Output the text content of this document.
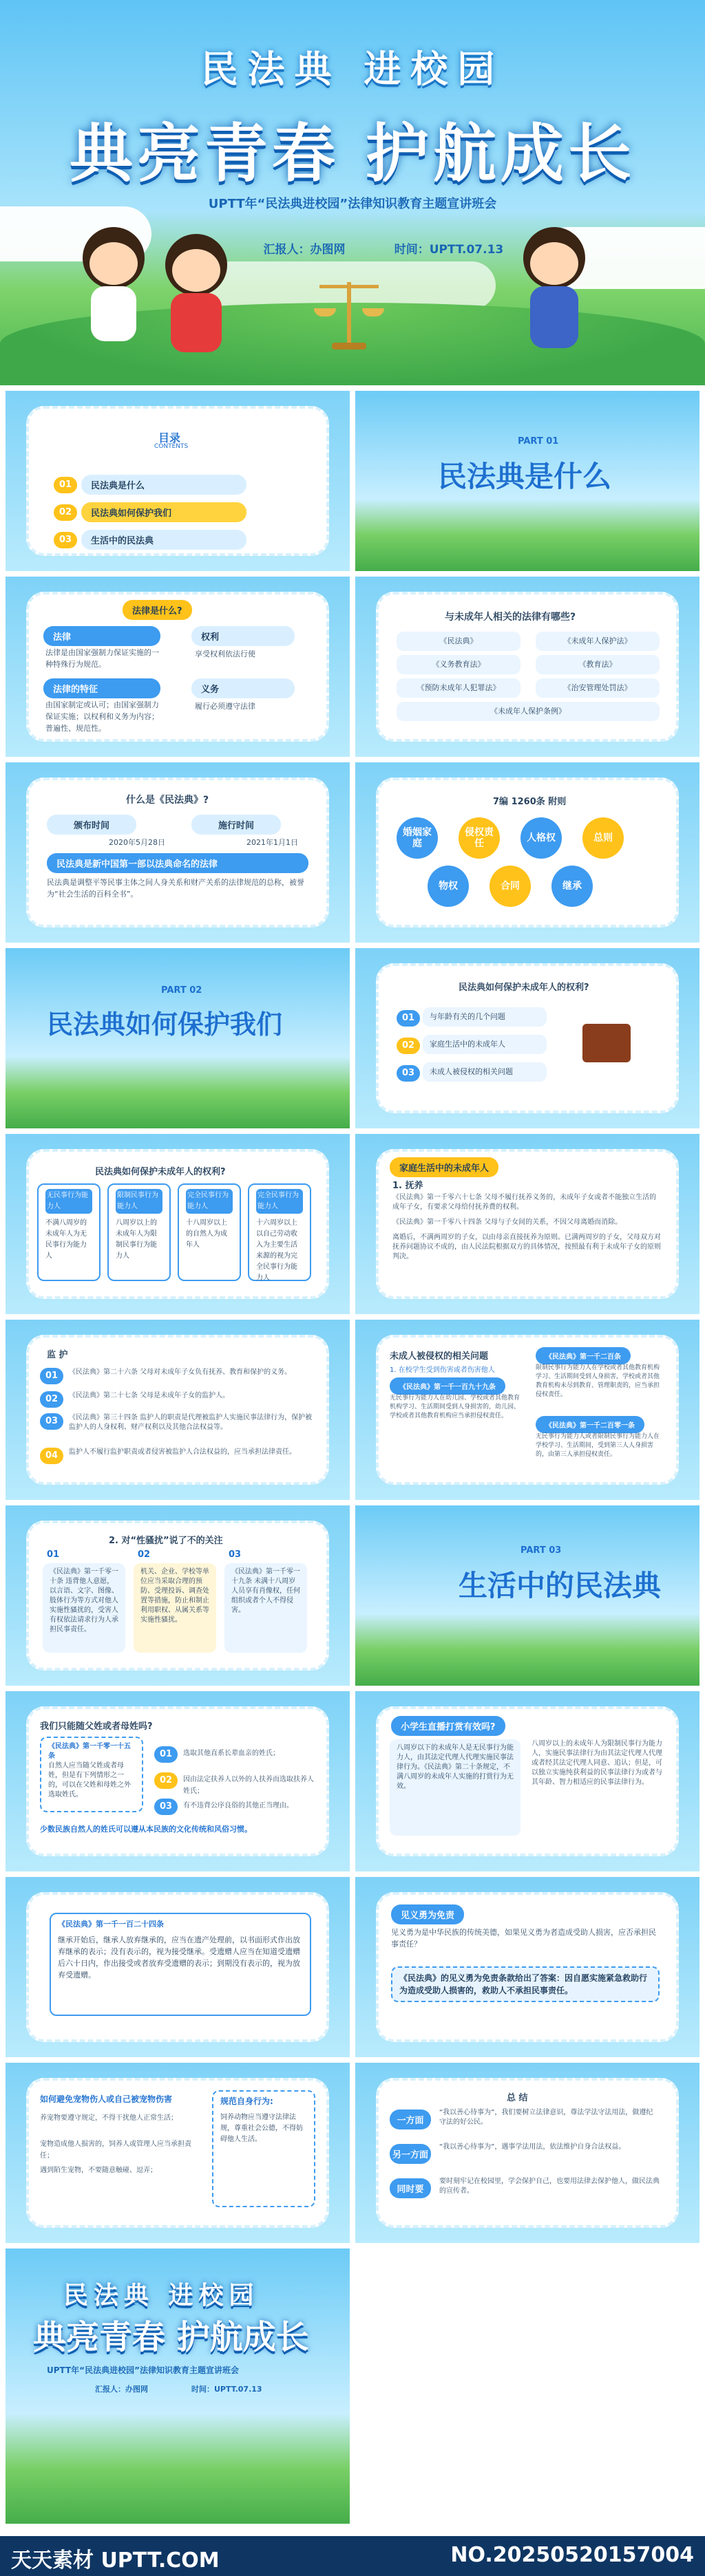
民法典 进校园
典亮青春 护航成长
UPTT年“民法典进校园”法律知识教育主题宣讲班会
汇报人：办图网	时间：UPTT.07.13
目录
CONTENTS
01	民法典是什么
02	民法典如何保护我们
03	生活中的民法典
PART 01
民法典是什么
法律是什么?
法律
法律是由国家强制力保证实施的一种特殊行为规范。
法律的特征
由国家制定或认可；由国家强制力保证实施；以权利和义务为内容；普遍性、规范性。
权利
享受权利依法行使
义务
履行必须遵守法律
与未成年人相关的法律有哪些?
《民法典》	《未成年人保护法》
《义务教育法》	《教育法》
《预防未成年人犯罪法》	《治安管理处罚法》
《未成年人保护条例》
什么是《民法典》?
颁布时间
2020年5月28日
施行时间
2021年1月1日
民法典是新中国第一部以法典命名的法律
民法典是调整平等民事主体之间人身关系和财产关系的法律规范的总称，被誉为“社会生活的百科全书”。
7编 1260条 附则
婚姻家庭
侵权责任	人格权	总则
物权	合同	继承
PART 02
民法典如何保护我们
民法典如何保护未成年人的权利?
01	与年龄有关的几个问题
02	家庭生活中的未成年人
03	未成人被侵权的相关问题
民法典如何保护未成年人的权利?
无民事行为能力人
不满八周岁的未成年人为无民事行为能力人
限制民事行为能力人
八周岁以上的未成年人为限制民事行为能力人
完全民事行为能力人
十八周岁以上的自然人为成年人
完全民事行为能力人
十六周岁以上以自己劳动收入为主要生活来源的视为完全民事行为能力人
家庭生活中的未成年人
1. 抚养
《民法典》第一千零六十七条 父母不履行抚养义务的，未成年子女或者不能独立生活的成年子女，有要求父母给付抚养费的权利。
《民法典》第一千零八十四条 父母与子女间的关系，不因父母离婚而消除。
离婚后，不满两周岁的子女，以由母亲直接抚养为原则。已满两周岁的子女，父母双方对抚养问题协议不成的，由人民法院根据双方的具体情况，按照最有利于未成年子女的原则判决。
监 护
01	《民法典》第二十六条 父母对未成年子女负有抚养、教育和保护的义务。
02	《民法典》第二十七条 父母是未成年子女的监护人。
03	《民法典》第三十四条 监护人的职责是代理被监护人实施民事法律行为，保护被监护人的人身权利、财产权利以及其他合法权益等。
04	监护人不履行监护职责或者侵害被监护人合法权益的，应当承担法律责任。
未成人被侵权的相关问题
1. 在校学生受到伤害或者伤害他人
《民法典》第一千一百九十九条
无民事行为能力人在幼儿园、学校或者其他教育机构学习、生活期间受到人身损害的，幼儿园、学校或者其他教育机构应当承担侵权责任。
《民法典》第一千二百条
限制民事行为能力人在学校或者其他教育机构学习、生活期间受到人身损害，学校或者其他教育机构未尽到教育、管理职责的，应当承担侵权责任。
《民法典》第一千二百零一条
无民事行为能力人或者限制民事行为能力人在学校学习、生活期间，受到第三人人身损害的，由第三人承担侵权责任。
2. 对“性骚扰”说了不的关注
01
《民法典》第一千零一十条 违背他人意愿，以言语、文字、图像、肢体行为等方式对他人实施性骚扰的，受害人有权依法请求行为人承担民事责任。
02
机关、企业、学校等单位应当采取合理的预防、受理投诉、调查处置等措施，防止和制止利用职权、从属关系等实施性骚扰。
03
《民法典》第一千零一十九条 未满十八周岁人员享有肖像权，任何组织或者个人不得侵害。
PART 03
生活中的民法典
我们只能随父姓或者母姓吗?
《民法典》第一千零一十五条
自然人应当随父姓或者母姓，但是有下列情形之一的，可以在父姓和母姓之外选取姓氏。
01	选取其他直系长辈血亲的姓氏；
02	因由法定扶养人以外的人扶养而选取扶养人姓氏；
03	有不违背公序良俗的其他正当理由。
少数民族自然人的姓氏可以遵从本民族的文化传统和风俗习惯。
小学生直播打赏有效吗?
八周岁以下的未成年人是无民事行为能力人，由其法定代理人代理实施民事法律行为。《民法典》第二十条规定，不满八周岁的未成年人实施的打赏行为无效。
八周岁以上的未成年人为限制民事行为能力人，实施民事法律行为由其法定代理人代理或者经其法定代理人同意、追认；但是，可以独立实施纯获利益的民事法律行为或者与其年龄、智力相适应的民事法律行为。
《民法典》第一千一百二十四条
继承开始后，继承人放弃继承的，应当在遗产处理前，以书面形式作出放弃继承的表示；没有表示的，视为接受继承。受遗赠人应当在知道受遗赠后六十日内，作出接受或者放弃受遗赠的表示；到期没有表示的，视为放弃受遗赠。
见义勇为免责
见义勇为是中华民族的传统美德，如果见义勇为者造成受助人损害，应否承担民事责任？
《民法典》的见义勇为免责条款给出了答案：因自愿实施紧急救助行为造成受助人损害的，救助人不承担民事责任。
如何避免宠物伤人或自己被宠物伤害
养宠物要遵守规定，不得干扰他人正常生活；
宠物造成他人损害的，饲养人或管理人应当承担责任；
遇到陌生宠物，不要随意触碰、逗弄；
规范自身行为:
饲养动物应当遵守法律法规，尊重社会公德，不得妨碍他人生活。
总 结
一方面
“我以善心待事为”，我们要树立法律意识，尊法学法守法用法，做遵纪守法的好公民。
另一方面
“我以善心待事为”，遇事学法用法，依法维护自身合法权益。
同时要
要时刻牢记在校园里，学会保护自己，也要用法律去保护他人，做民法典的宣传者。
民法典 进校园
典亮青春 护航成长
UPTT年“民法典进校园”法律知识教育主题宣讲班会
汇报人：办图网	时间：UPTT.07.13
天天素材 UPTT.COM	NO.20250520157004
